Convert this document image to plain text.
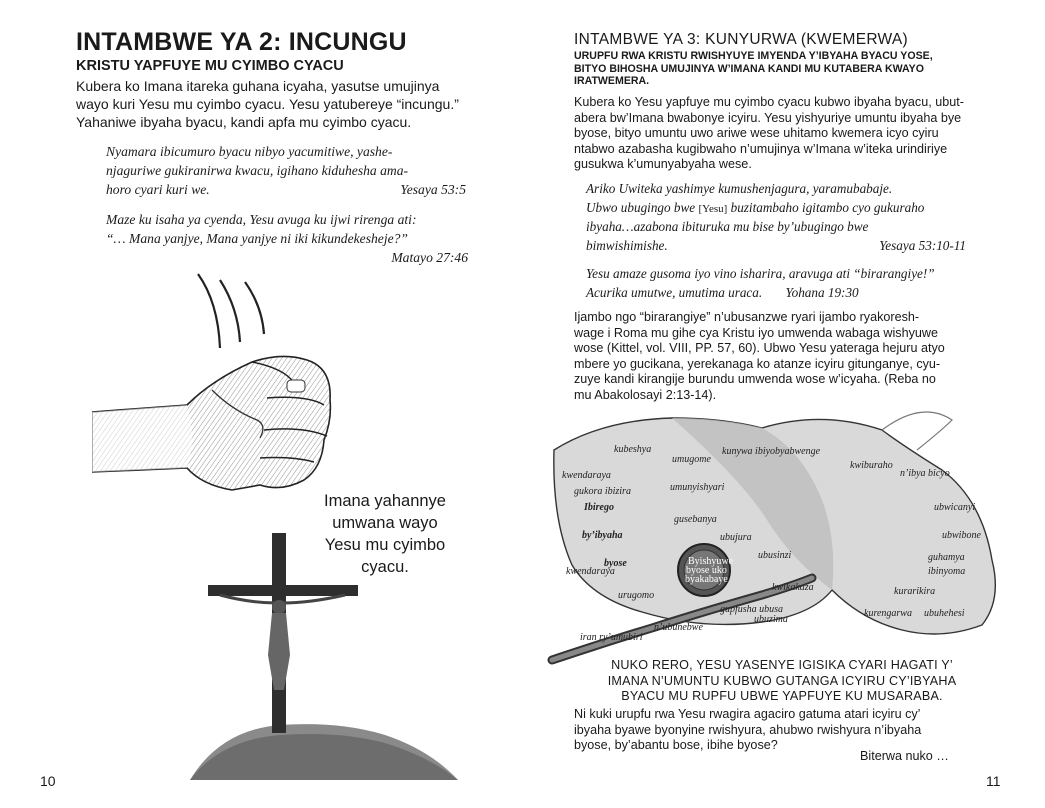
INTAMBWE YA 2: INCUNGU
KRISTU YAPFUYE MU CYIMBO CYACU
Kubera ko Imana itareka guhana icyaha, yasutse umujinya
wayo kuri Yesu mu cyimbo cyacu. Yesu yatubereye “incungu.”
Yahaniwe ibyaha byacu, kandi apfa mu cyimbo cyacu.
Nyamara ibicumuro byacu nibyo yacumitiwe, yashe-
njaguriwe gukiranirwa kwacu, igihano kiduhesha ama-
horo cyari kuri we.	Yesaya 53:5
Maze ku isaha ya cyenda, Yesu avuga ku ijwi rirenga ati:
“… Mana yanjye, Mana yanjye ni iki kikundekesheje?”
Matayo 27:46
Imana yahannye
umwana wayo
Yesu mu cyimbo
cyacu.
10
INTAMBWE YA 3: KUNYURWA (KWEMERWA)
URUPFU RWA KRISTU RWISHYUYE IMYENDA Y’IBYAHA BYACU YOSE,
BITYO BIHOSHA UMUJINYA W’IMANA KANDI MU KUTABERA KWAYO
IRATWEMERA.
Kubera ko Yesu yapfuye mu cyimbo cyacu kubwo ibyaha byacu, ubut-
abera bw’Imana bwabonye icyiru. Yesu yishyuriye umuntu ibyaha bye
byose, bityo umuntu uwo ariwe wese uhitamo kwemera icyo cyiru
ntabwo azabasha kugibwaho n’umujinya w’Imana w’iteka urindiriye
gusukwa k’umunyabyaha wese.
Ariko Uwiteka yashimye kumushenjagura, yaramubabaje.
Ubwo ubugingo bwe [Yesu] buzitambaho igitambo cyo gukuraho
ibyaha…azabona ibituruka mu bise by’ubugingo bwe
bimwishimishe.	Yesaya 53:10-11
Yesu amaze gusoma iyo vino isharira, aravuga ati “birarangiye!”
Acurika umutwe, umutima uraca. Yohana 19:30
Ijambo ngo “birarangiye” n’ubusanzwe ryari ijambo ryakoresh-
wage i Roma mu gihe cya Kristu iyo umwenda wabaga wishyuwe
wose (Kittel, vol. VIII, PP. 57, 60). Ubwo Yesu yateraga hejuru atyo
mbere yo gucikana, yerekanaga ko atanze icyiru gitunganye, cyu-
zuye kandi kirangije burundu umwenda wose w’icyaha. (Reba no
mu Abakolosayi 2:13-14).
Ibirego
by’ibyaha
byose	Byishyuwe
byose uko
byakabaye
kubeshya
kwendaraya
gukora ibizira
umugome
kunywa ibiyobyabwenge
umunyishyari
gusebanya
ubujura
ubusinzi
kwendaraya
urugomo
kwikakaza
gupfusha ubusa
ubuzima
iran ry’umubiri
n’ubunebwe
kwiburaho
n’ibya bicyo
ubwicanyi
ubwibone
guhamya
ibinyoma
kurarikira
kurengarwa ubuhehesi
NUKO RERO, YESU YASENYE IGISIKA CYARI HAGATI Y’
IMANA N’UMUNTU KUBWO GUTANGA ICYIRU CY’IBYAHA
BYACU MU RUPFU UBWE YAPFUYE KU MUSARABA.
Ni kuki urupfu rwa Yesu rwagira agaciro gatuma atari icyiru cy’
ibyaha byawe byonyine rwishyura, ahubwo rwishyura n’ibyaha
byose, by’abantu bose, ibihe byose?
Biterwa nuko …
11
